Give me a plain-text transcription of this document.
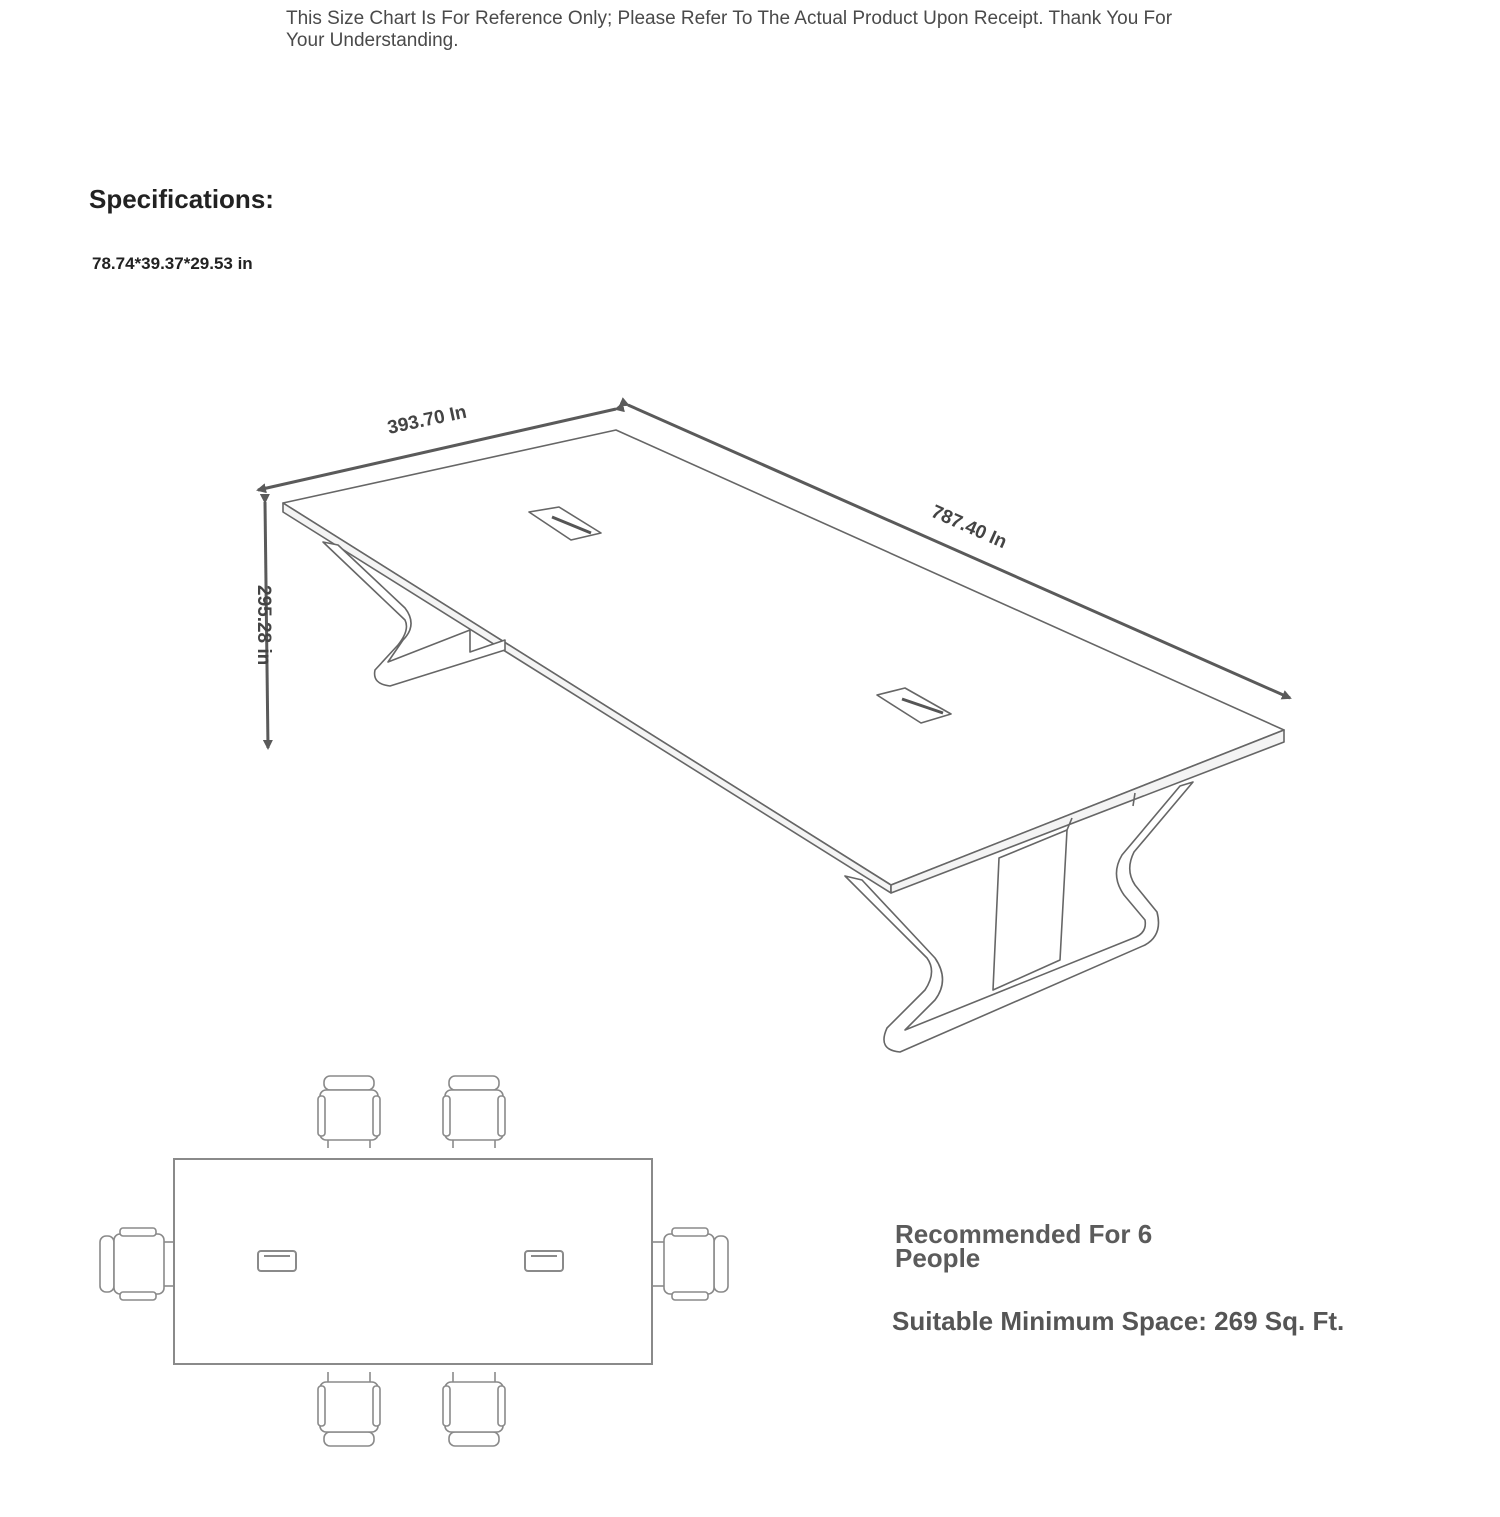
This Size Chart Is For Reference Only; Please Refer To The Actual Product Upon Receipt. Thank You For Your Understanding.
Specifications:
78.74*39.37*29.53 in
393.70 In
787.40 In
295.28 in
Recommended For 6 People
Suitable Minimum Space: 269 Sq. Ft.
